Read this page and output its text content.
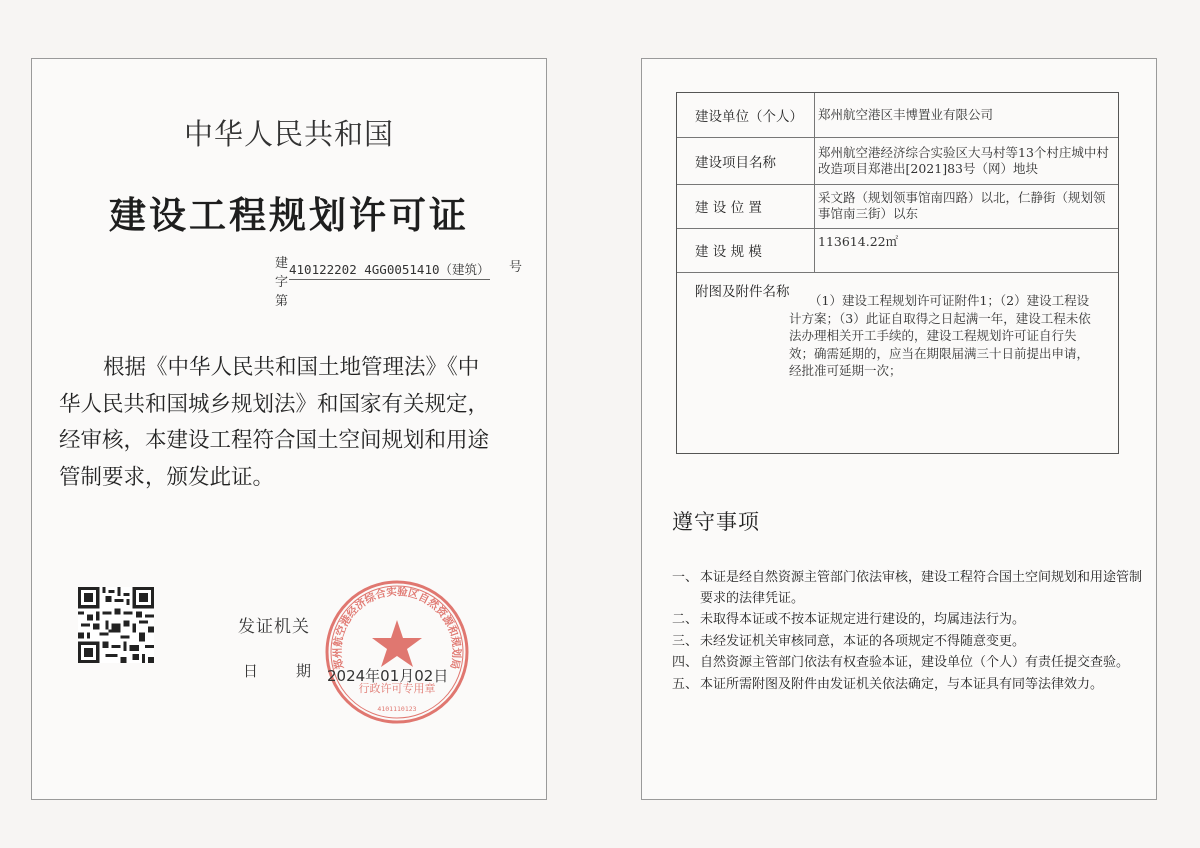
中华人民共和国
建设工程规划许可证
建字第
410122202 4GG0051410（建筑） 号
根据《中华人民共和国土地管理法》《中
华人民共和国城乡规划法》和国家有关规定，
经审核，本建设工程符合国土空间规划和用途
管制要求，颁发此证。
发证机关
日	期 郑州航空港经济综合实验区自然资源和规划局
行政许可专用章
4101110123
2024年01月02日
建设单位（个人）	郑州航空港区丰博置业有限公司
建设项目名称
郑州航空港经济综合实验区大马村等13个村庄城中村改造项目郑港出[2021]83号（网）地块
建 设 位 置
采文路（规划领事馆南四路）以北，仁静街（规划领事馆南三街）以东
建 设 规 模
113614.22㎡
附图及附件名称
（1）建设工程规划许可证附件1；（2）建设工程设计方案；（3）此证自取得之日起满一年，建设工程未依法办理相关开工手续的，建设工程规划许可证自行失效；确需延期的，应当在期限届满三十日前提出申请，经批准可延期一次；
遵守事项
一、 本证是经自然资源主管部门依法审核，建设工程符合国土空间规划和用途管制要求的法律凭证。
二、 未取得本证或不按本证规定进行建设的，均属违法行为。
三、 未经发证机关审核同意，本证的各项规定不得随意变更。
四、 自然资源主管部门依法有权查验本证，建设单位（个人）有责任提交查验。
五、 本证所需附图及附件由发证机关依法确定，与本证具有同等法律效力。
